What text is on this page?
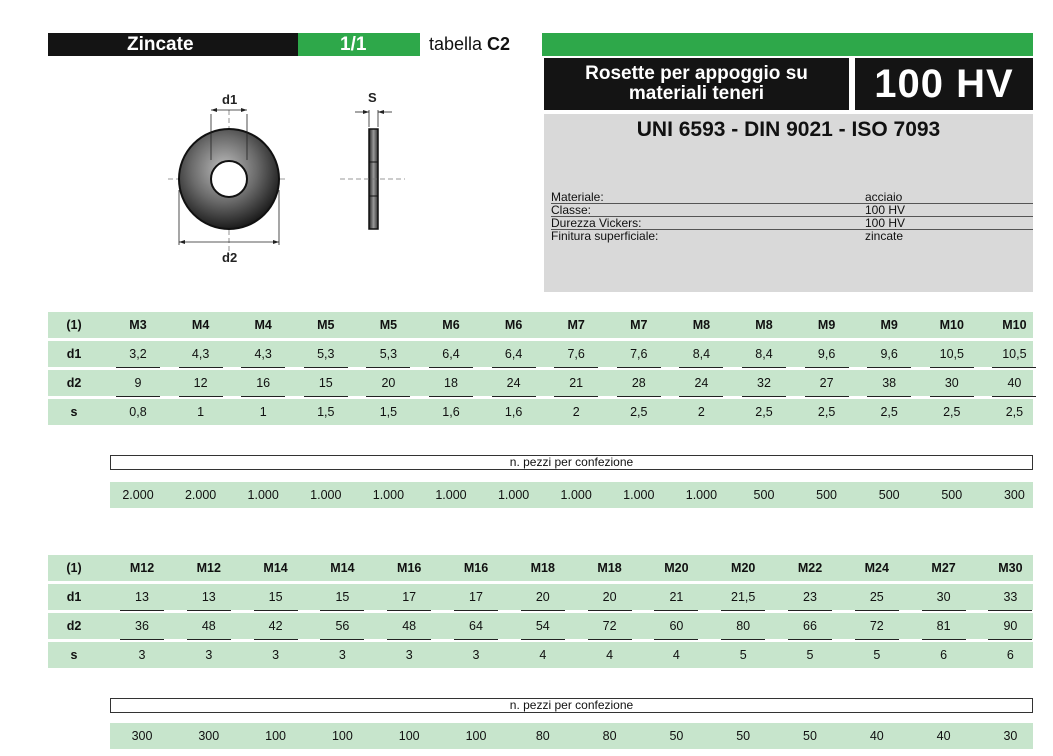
Zincate	1/1	tabella C2
Rosette per appoggio su
materiali teneri	100 HV
UNI 6593 - DIN 9021 - ISO 7093
Materiale:	acciaio
Classe:	100 HV
Durezza Vickers:	100 HV
Finitura superficiale:	zincate
d1
d2
S
(1)	M3	M4	M4	M5	M5	M6	M6	M7	M7	M8	M8	M9	M9	M10	M10
d1	3,2	4,3	4,3	5,3	5,3	6,4	6,4	7,6	7,6	8,4	8,4	9,6	9,6	10,5	10,5
d2	9	12	16	15	20	18	24	21	28	24	32	27	38	30	40
s	0,8	1	1	1,5	1,5	1,6	1,6	2	2,5	2	2,5	2,5	2,5	2,5	2,5
n. pezzi per confezione
2.000	2.000	1.000	1.000	1.000	1.000	1.000	1.000	1.000	1.000	500	500	500	500	300
(1)	M12	M12	M14	M14	M16	M16	M18	M18	M20	M20	M22	M24	M27	M30
d1	13	13	15	15	17	17	20	20	21	21,5	23	25	30	33
d2	36	48	42	56	48	64	54	72	60	80	66	72	81	90
s	3	3	3	3	3	3	4	4	4	5	5	5	6	6
n. pezzi per confezione
300	300	100	100	100	100	80	80	50	50	50	40	40	30
